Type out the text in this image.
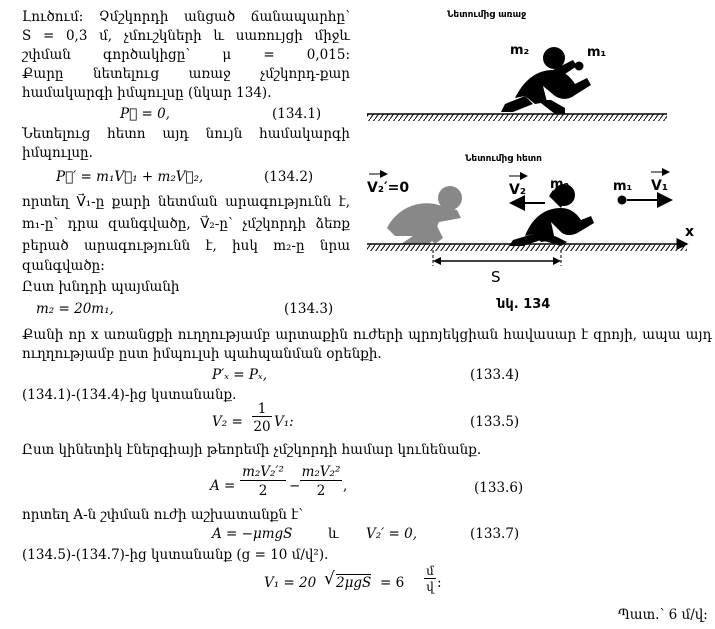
Լուծում: Չմշկորդի անցած ճանապարհը՝
S = 0,3 մ, չմուշկների և սառույցի միջև
շփման գործակիցը՝ μ = 0,015:
Քարը նետելուց առաջ չմշկորդ-քար
համակարգի իմպուլսը (նկար 134).
P⃗ = 0,	(134.1)
Նետելուց հետո այդ նույն համակարգի
իմպուլսը.
P⃗′ = m₁V⃗₁ + m₂V⃗₂,	(134.2)
որտեղ V⃗₁-ը քարի նետման արագությունն է,
m₁-ը՝ դրա զանգվածը, V⃗₂-ը՝ չմշկորդի ձեռք
բերած արագությունն է, իսկ m₂-ը նրա
զանգվածը:
Ըստ խնդրի պայմանի
m₂ = 20m₁,	(134.3)
m₂	m₁
m₂	m₁
V₂′=0	V₂	V₁
x
S
Նետումից առաջ
Նետումից հետո
նկ. 134
Քանի որ x առանցքի ուղղությամբ արտաքին ուժերի պրոյեկցիան հավասար է զրոյի, ապա այդ
ուղղությամբ ըստ իմպուլսի պահպանման օրենքի.
P′ₓ = Pₓ,	(133.4)
(134.1)-(134.4)-ից կստանանք.
V₂ =
1
20 V₁:	(133.5)
Ըստ կինետիկ էներգիայի թեորեմի չմշկորդի համար կունենանք.
A =
m₂V₂′²
2	−
m₂V₂²
2	,	(133.6)
որտեղ A-ն շփման ուժի աշխատանքն է՝
A = −μmgS	և V₂′ = 0,	(133.7)
(134.5)-(134.7)-ից կստանանք (g = 10 մ/վ²).
V₁ = 20 √ 2μgS = 6
մ
վ :
Պատ.՝ 6 մ/վ:
